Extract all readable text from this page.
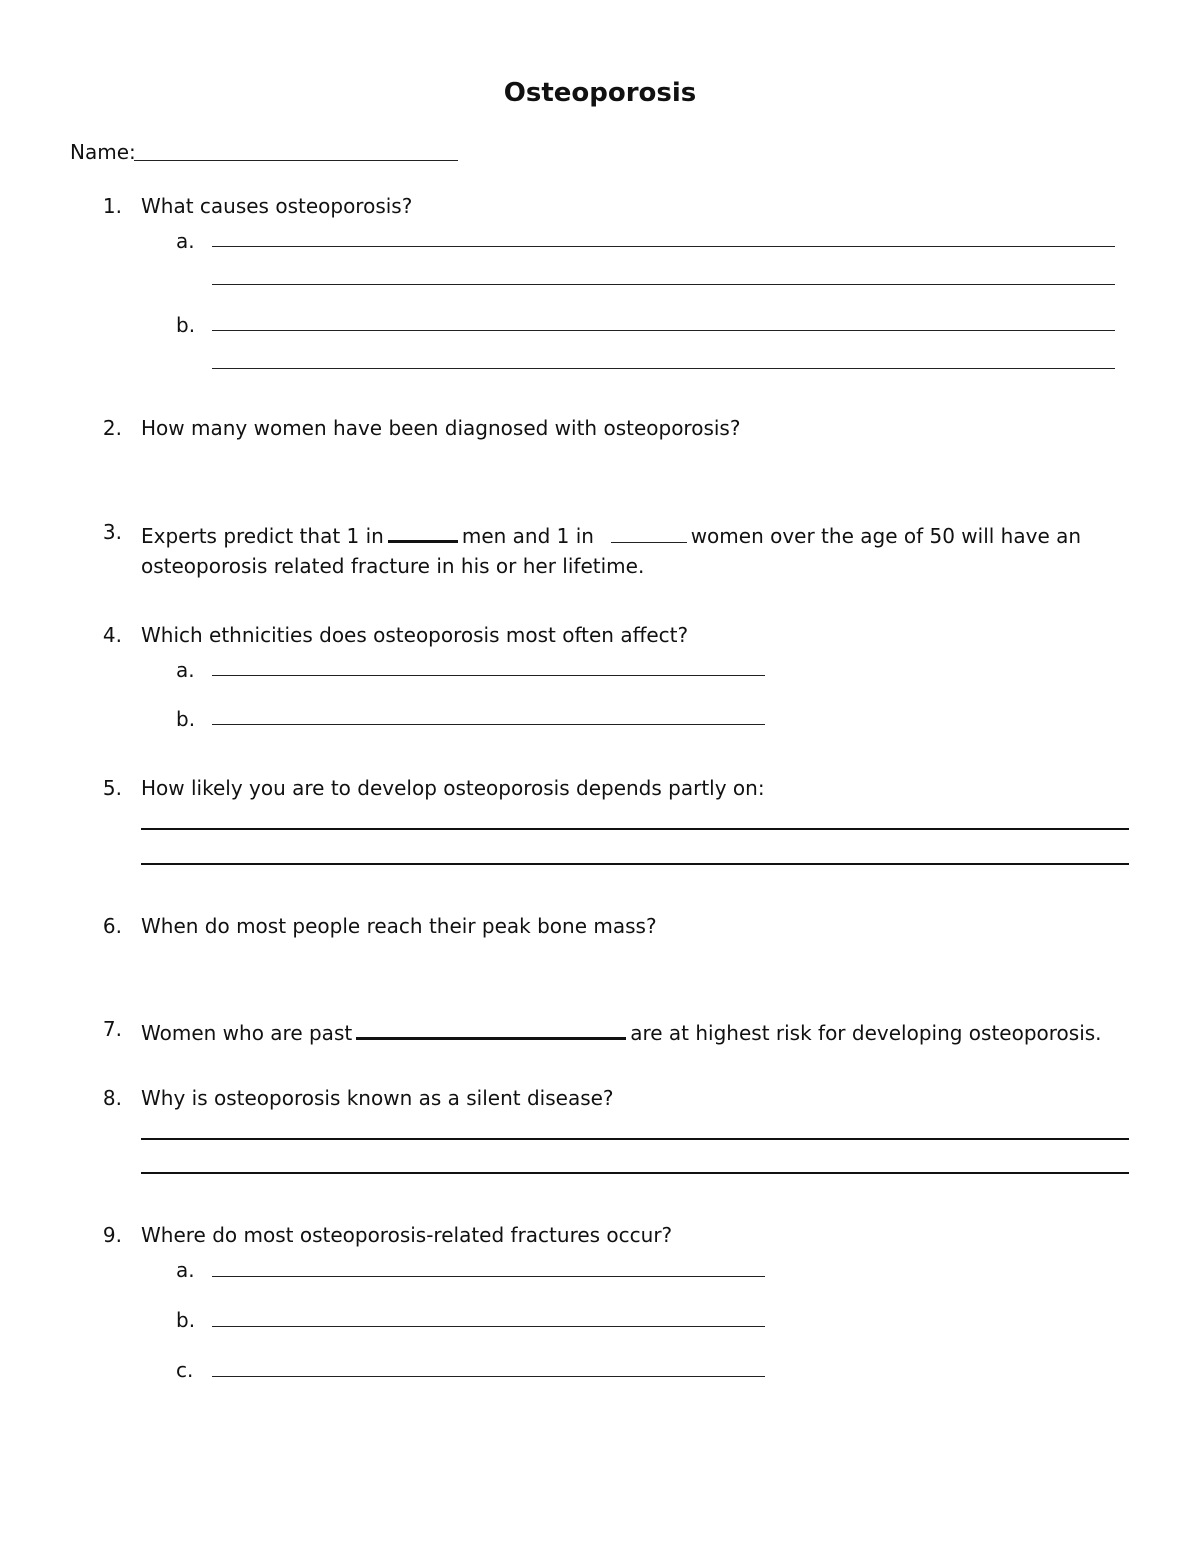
Osteoporosis
Name:
1. What causes osteoporosis?
a.
b.
2. How many women have been diagnosed with osteoporosis?
3. Experts predict that 1 in	men and 1 in	women over the age of 50 will have an
osteoporosis related fracture in his or her lifetime.
4. Which ethnicities does osteoporosis most often affect?
a.
b.
5. How likely you are to develop osteoporosis depends partly on:
6. When do most people reach their peak bone mass?
7. Women who are past	are at highest risk for developing osteoporosis.
8. Why is osteoporosis known as a silent disease?
9. Where do most osteoporosis-related fractures occur?
a.
b.
c.
